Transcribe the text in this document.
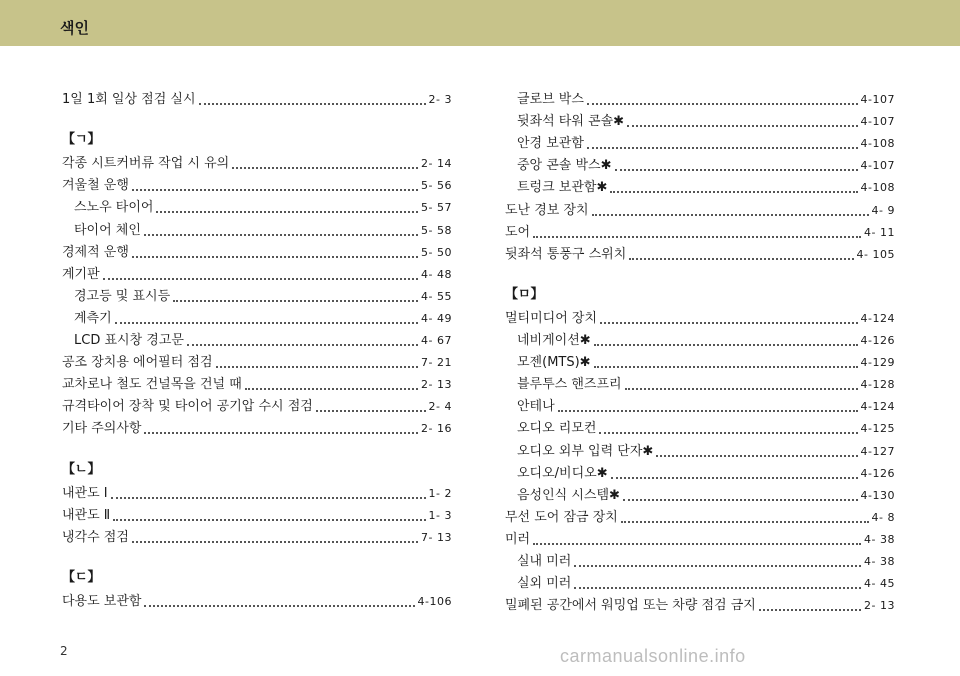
색인
1일 1회 일상 점검 실시	2- 3
【ㄱ】
각종 시트커버류 작업 시 유의	2- 14
겨울철 운행	5- 56
스노우 타이어	5- 57
타이어 체인	5- 58
경제적 운행	5- 50
계기판	4- 48
경고등 및 표시등	4- 55
계측기	4- 49
LCD 표시창 경고문	4- 67
공조 장치용 에어필터 점검	7- 21
교차로나 철도 건널목을 건널 때	2- 13
규격타이어 장착 및 타이어 공기압 수시 점검	2- 4
기타 주의사항	2- 16
【ㄴ】
내관도 Ⅰ	1- 2
내관도 Ⅱ	1- 3
냉각수 점검	7- 13
【ㄷ】
다용도 보관함	4-106
글로브 박스	4-107
뒷좌석 타워 콘솔✱	4-107
안경 보관함	4-108
중앙 콘솔 박스✱	4-107
트렁크 보관함✱	4-108
도난 경보 장치	4- 9
도어	4- 11
뒷좌석 통풍구 스위치	4- 105
【ㅁ】
멀티미디어 장치	4-124
네비게이션✱	4-126
모젠(MTS)✱	4-129
블루투스 핸즈프리	4-128
안테나	4-124
오디오 리모컨	4-125
오디오 외부 입력 단자✱	4-127
오디오/비디오✱	4-126
음성인식 시스템✱	4-130
무선 도어 잠금 장치	4- 8
미러	4- 38
실내 미러	4- 38
실외 미러	4- 45
밀폐된 공간에서 워밍업 또는 차량 점검 금지	2- 13
2	carmanualsonline.info
